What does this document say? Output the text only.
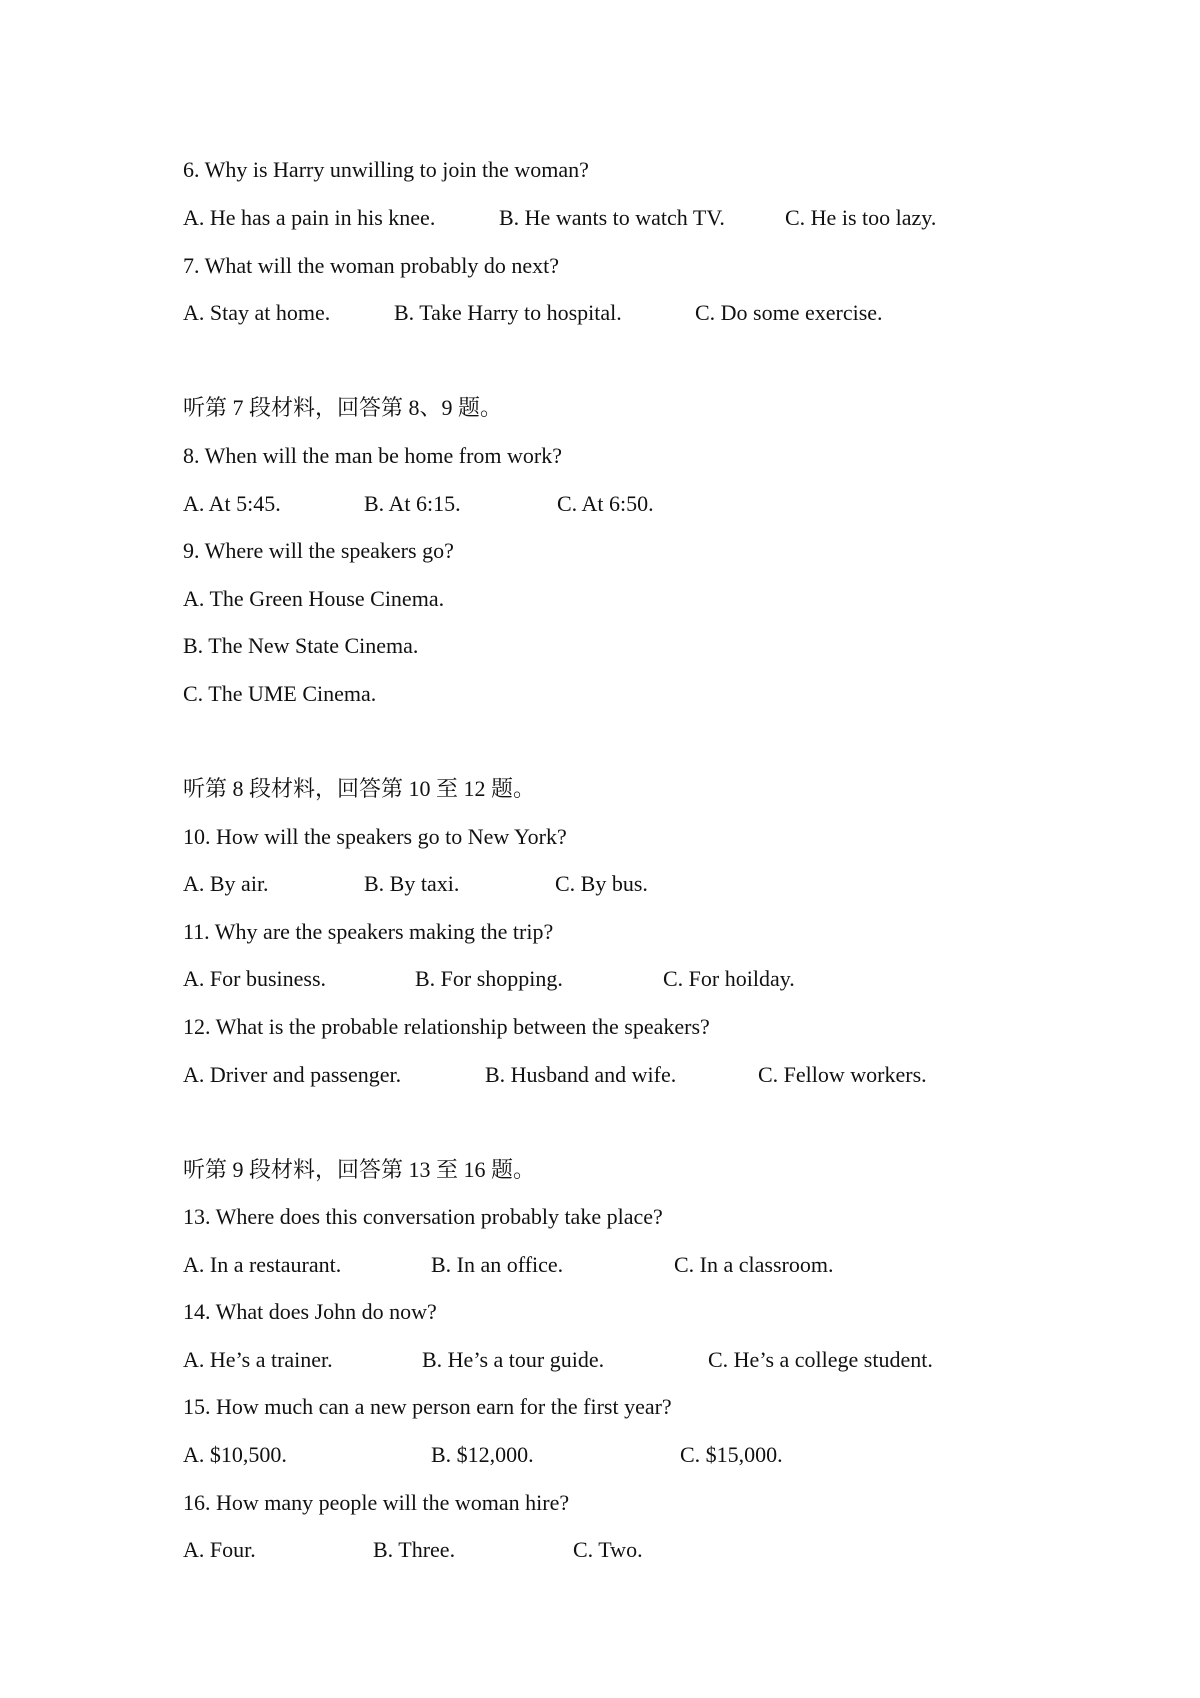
6. Why is Harry unwilling to join the woman?
A. He has a pain in his knee.	B. He wants to watch TV.	C. He is too lazy.
7. What will the woman probably do next?
A. Stay at home.	B. Take Harry to hospital.	C. Do some exercise.
听第 7 段材料，回答第 8、9 题。
8. When will the man be home from work?
A. At 5:45.	B. At 6:15.	C. At 6:50.
9. Where will the speakers go?
A. The Green House Cinema.
B. The New State Cinema.
C. The UME Cinema.
听第 8 段材料，回答第 10 至 12 题。
10. How will the speakers go to New York?
A. By air.	B. By taxi.	C. By bus.
11. Why are the speakers making the trip?
A. For business.	B. For shopping.	C. For hoilday.
12. What is the probable relationship between the speakers?
A. Driver and passenger.	B. Husband and wife.	C. Fellow workers.
听第 9 段材料，回答第 13 至 16 题。
13. Where does this conversation probably take place?
A. In a restaurant.	B. In an office.	C. In a classroom.
14. What does John do now?
A. He’s a trainer.	B. He’s a tour guide.	C. He’s a college student.
15. How much can a new person earn for the first year?
A. $10,500.	B. $12,000.	C. $15,000.
16. How many people will the woman hire?
A. Four.	B. Three.	C. Two.
